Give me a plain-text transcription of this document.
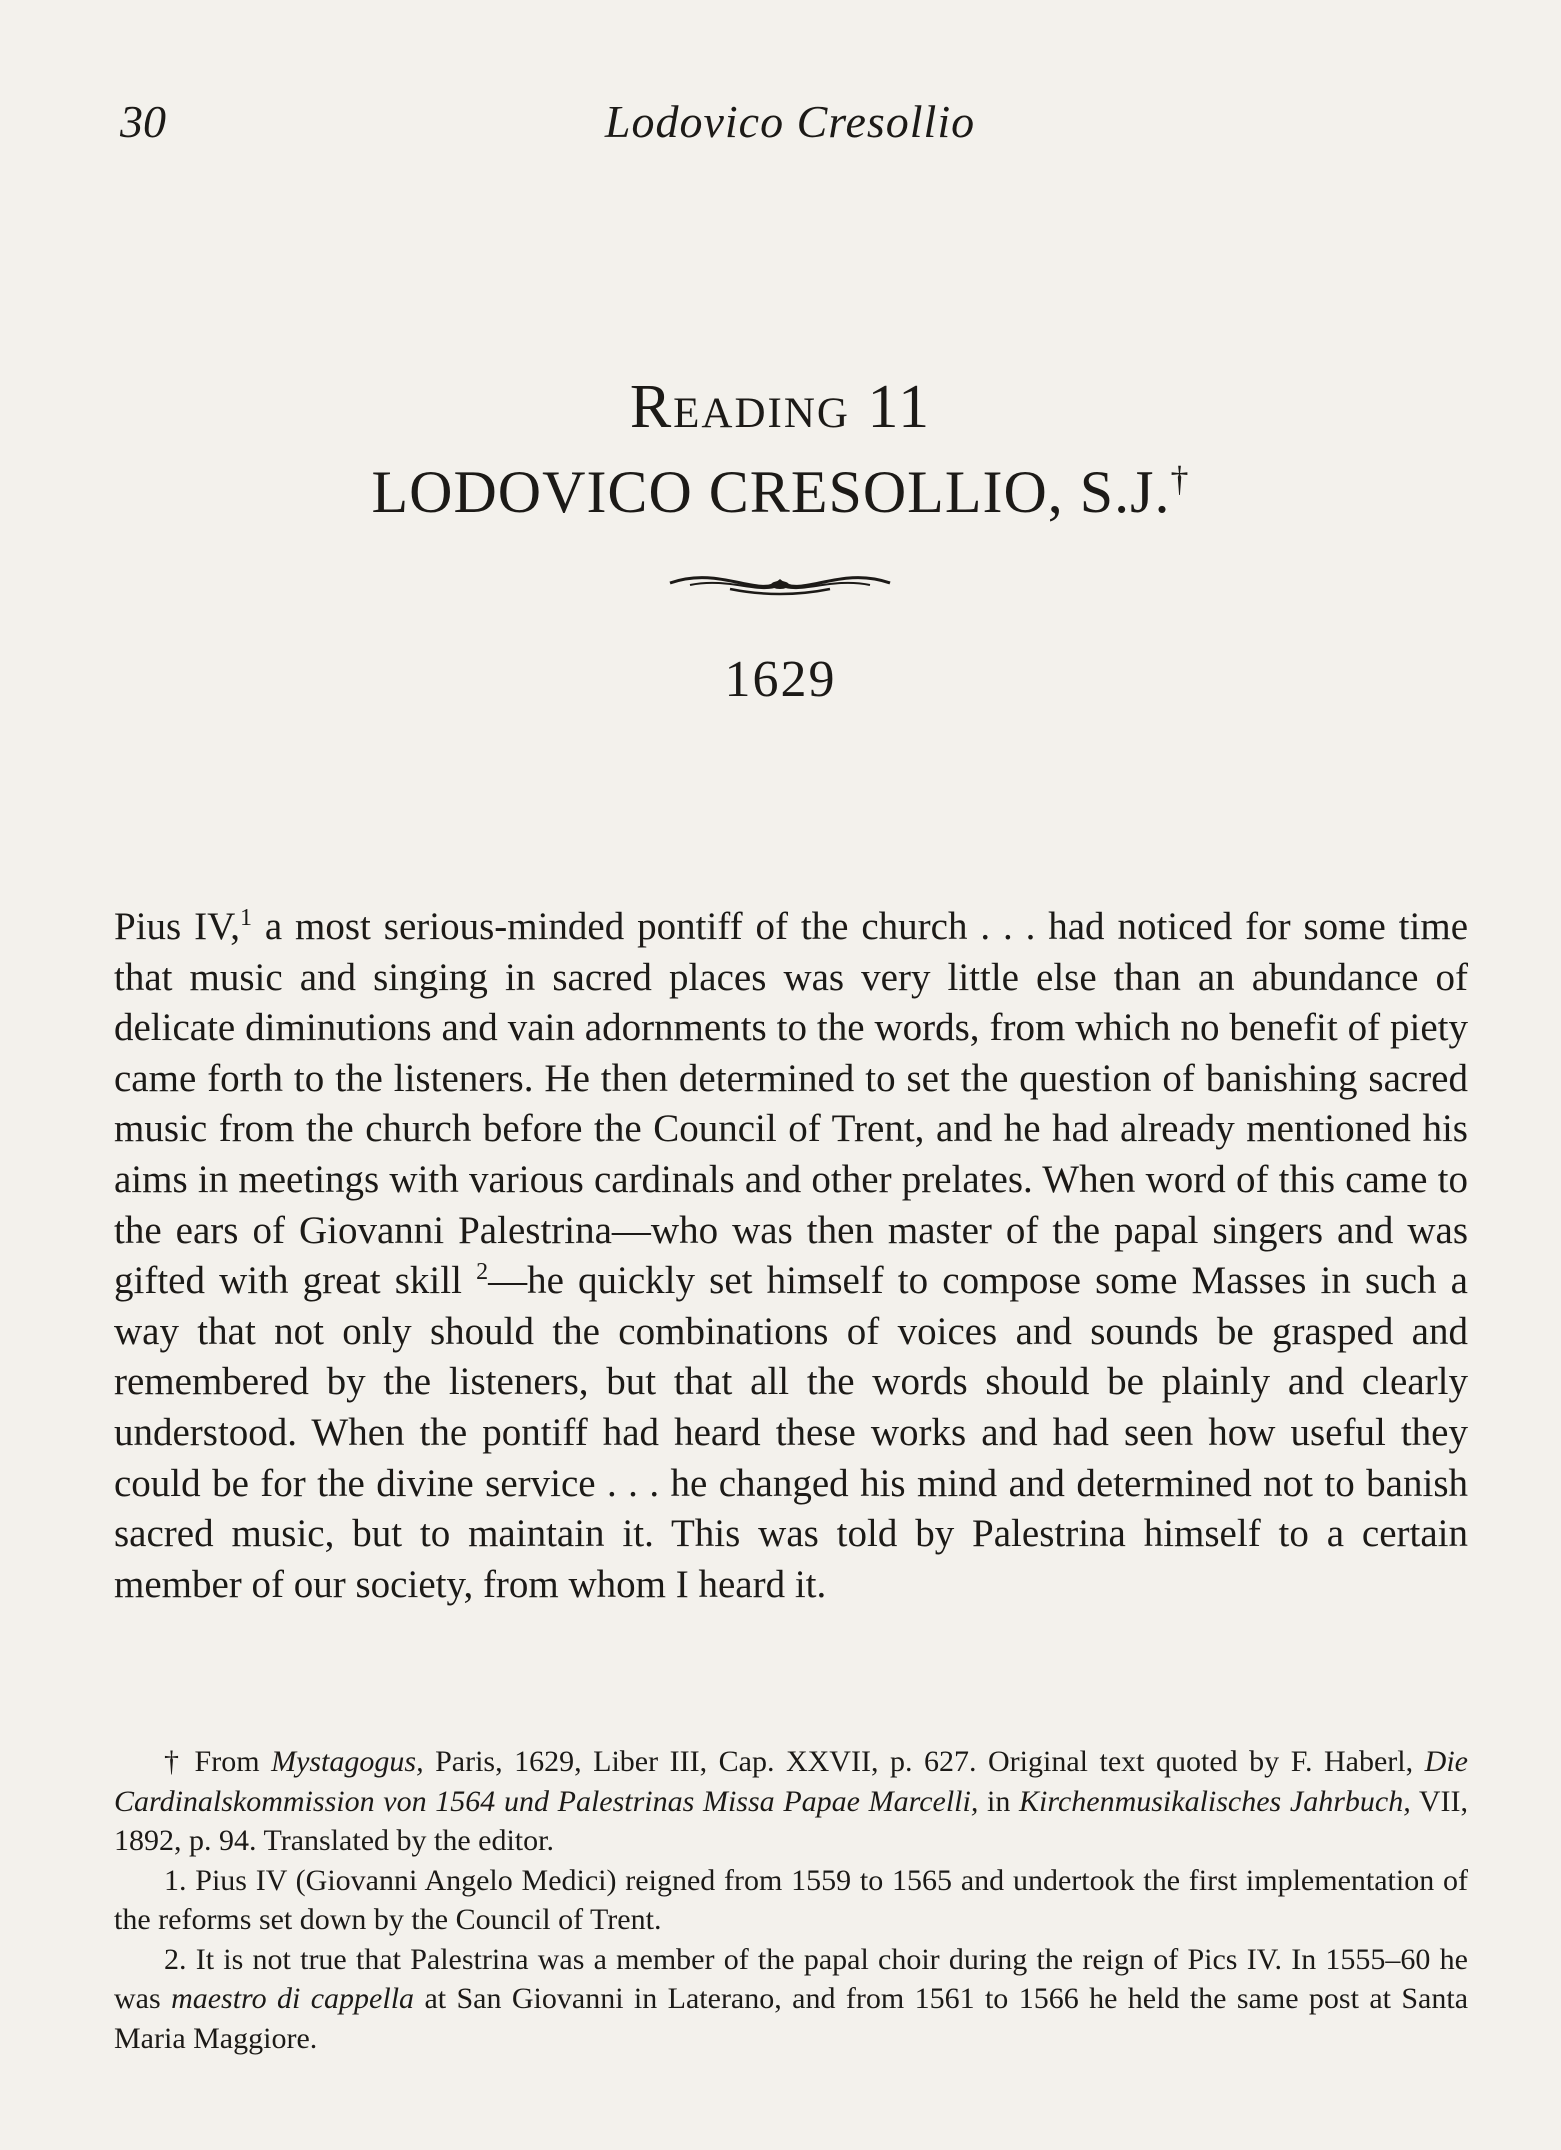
30	Lodovico Cresollio
Reading 11
LODOVICO CRESOLLIO, S.J.†
1629

Pius IV,$^1$ a most serious-minded pontiff of the church . . . had noticed for some time that music and singing in sacred places was very little else than an abundance of delicate diminutions and vain adornments to the words, from which no benefit of piety came forth to the listeners. He then determined to set the question of banishing sacred music from the church before the Council of Trent, and he had already mentioned his aims in meetings with various cardinals and other prelates. When word of this came to the ears of Giovanni Palestrina—who was then master of the papal singers and was gifted with great skill $^2$—he quickly set himself to compose some Masses in such a way that not only should the combinations of voices and sounds be grasped and remembered by the listeners, but that all the words should be plainly and clearly understood. When the pontiff had heard these works and had seen how useful they could be for the divine service . . . he changed his mind and determined not to banish sacred music, but to maintain it. This was told by Palestrina himself to a certain member of our society, from whom I heard it.

† From Mystagogus, Paris, 1629, Liber III, Cap. XXVII, p. 627. Original text quoted by F. Haberl, Die Cardinalskommission von 1564 und Palestrinas Missa Papae Marcelli, in Kirchenmusikalisches Jahrbuch, VII, 1892, p. 94. Translated by the editor.

1. Pius IV (Giovanni Angelo Medici) reigned from 1559 to 1565 and undertook the first implementation of the reforms set down by the Council of Trent.

2. It is not true that Palestrina was a member of the papal choir during the reign of Pics IV. In 1555–60 he was maestro di cappella at San Giovanni in Laterano, and from 1561 to 1566 he held the same post at Santa Maria Maggiore.
